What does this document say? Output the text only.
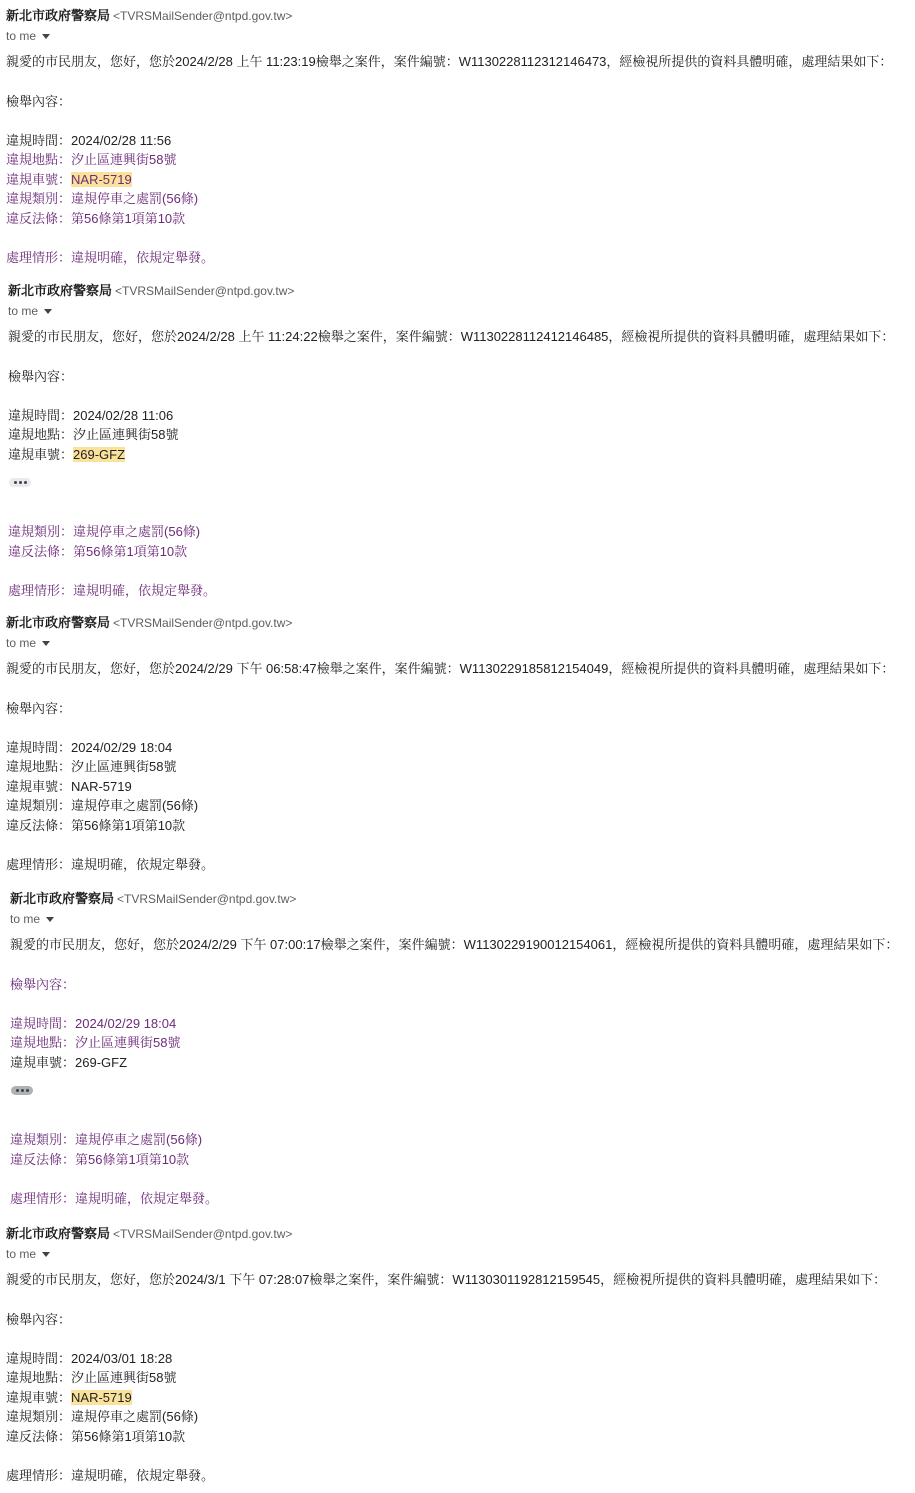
新北市政府警察局 <TVRSMailSender@ntpd.gov.tw>
to me
親愛的市民朋友，您好，您於2024/2/28 上午 11:23:19檢舉之案件，案件編號：W1130228112312146473，經檢視所提供的資料具體明確，處理結果如下：
檢舉內容：
違規時間：2024/02/28 11:56
違規地點：汐止區連興街58號
違規車號：NAR-5719
違規類別：違規停車之處罰(56條)
違反法條：第56條第1項第10款
處理情形：違規明確，依規定舉發。
新北市政府警察局 <TVRSMailSender@ntpd.gov.tw>
to me
親愛的市民朋友，您好，您於2024/2/28 上午 11:24:22檢舉之案件，案件編號：W1130228112412146485，經檢視所提供的資料具體明確，處理結果如下：
檢舉內容：
違規時間：2024/02/28 11:06
違規地點：汐止區連興街58號
違規車號：269-GFZ
違規類別：違規停車之處罰(56條)
違反法條：第56條第1項第10款
處理情形：違規明確，依規定舉發。
新北市政府警察局 <TVRSMailSender@ntpd.gov.tw>
to me
親愛的市民朋友，您好，您於2024/2/29 下午 06:58:47檢舉之案件，案件編號：W1130229185812154049，經檢視所提供的資料具體明確，處理結果如下：
檢舉內容：
違規時間：2024/02/29 18:04
違規地點：汐止區連興街58號
違規車號：NAR-5719
違規類別：違規停車之處罰(56條)
違反法條：第56條第1項第10款
處理情形：違規明確，依規定舉發。
新北市政府警察局 <TVRSMailSender@ntpd.gov.tw>
to me
親愛的市民朋友，您好，您於2024/2/29 下午 07:00:17檢舉之案件，案件編號：W1130229190012154061，經檢視所提供的資料具體明確，處理結果如下：
檢舉內容：
違規時間：2024/02/29 18:04
違規地點：汐止區連興街58號
違規車號：269-GFZ
違規類別：違規停車之處罰(56條)
違反法條：第56條第1項第10款
處理情形：違規明確，依規定舉發。
新北市政府警察局 <TVRSMailSender@ntpd.gov.tw>
to me
親愛的市民朋友，您好，您於2024/3/1 下午 07:28:07檢舉之案件，案件編號：W1130301192812159545，經檢視所提供的資料具體明確，處理結果如下：
檢舉內容：
違規時間：2024/03/01 18:28
違規地點：汐止區連興街58號
違規車號：NAR-5719
違規類別：違規停車之處罰(56條)
違反法條：第56條第1項第10款
處理情形：違規明確，依規定舉發。
